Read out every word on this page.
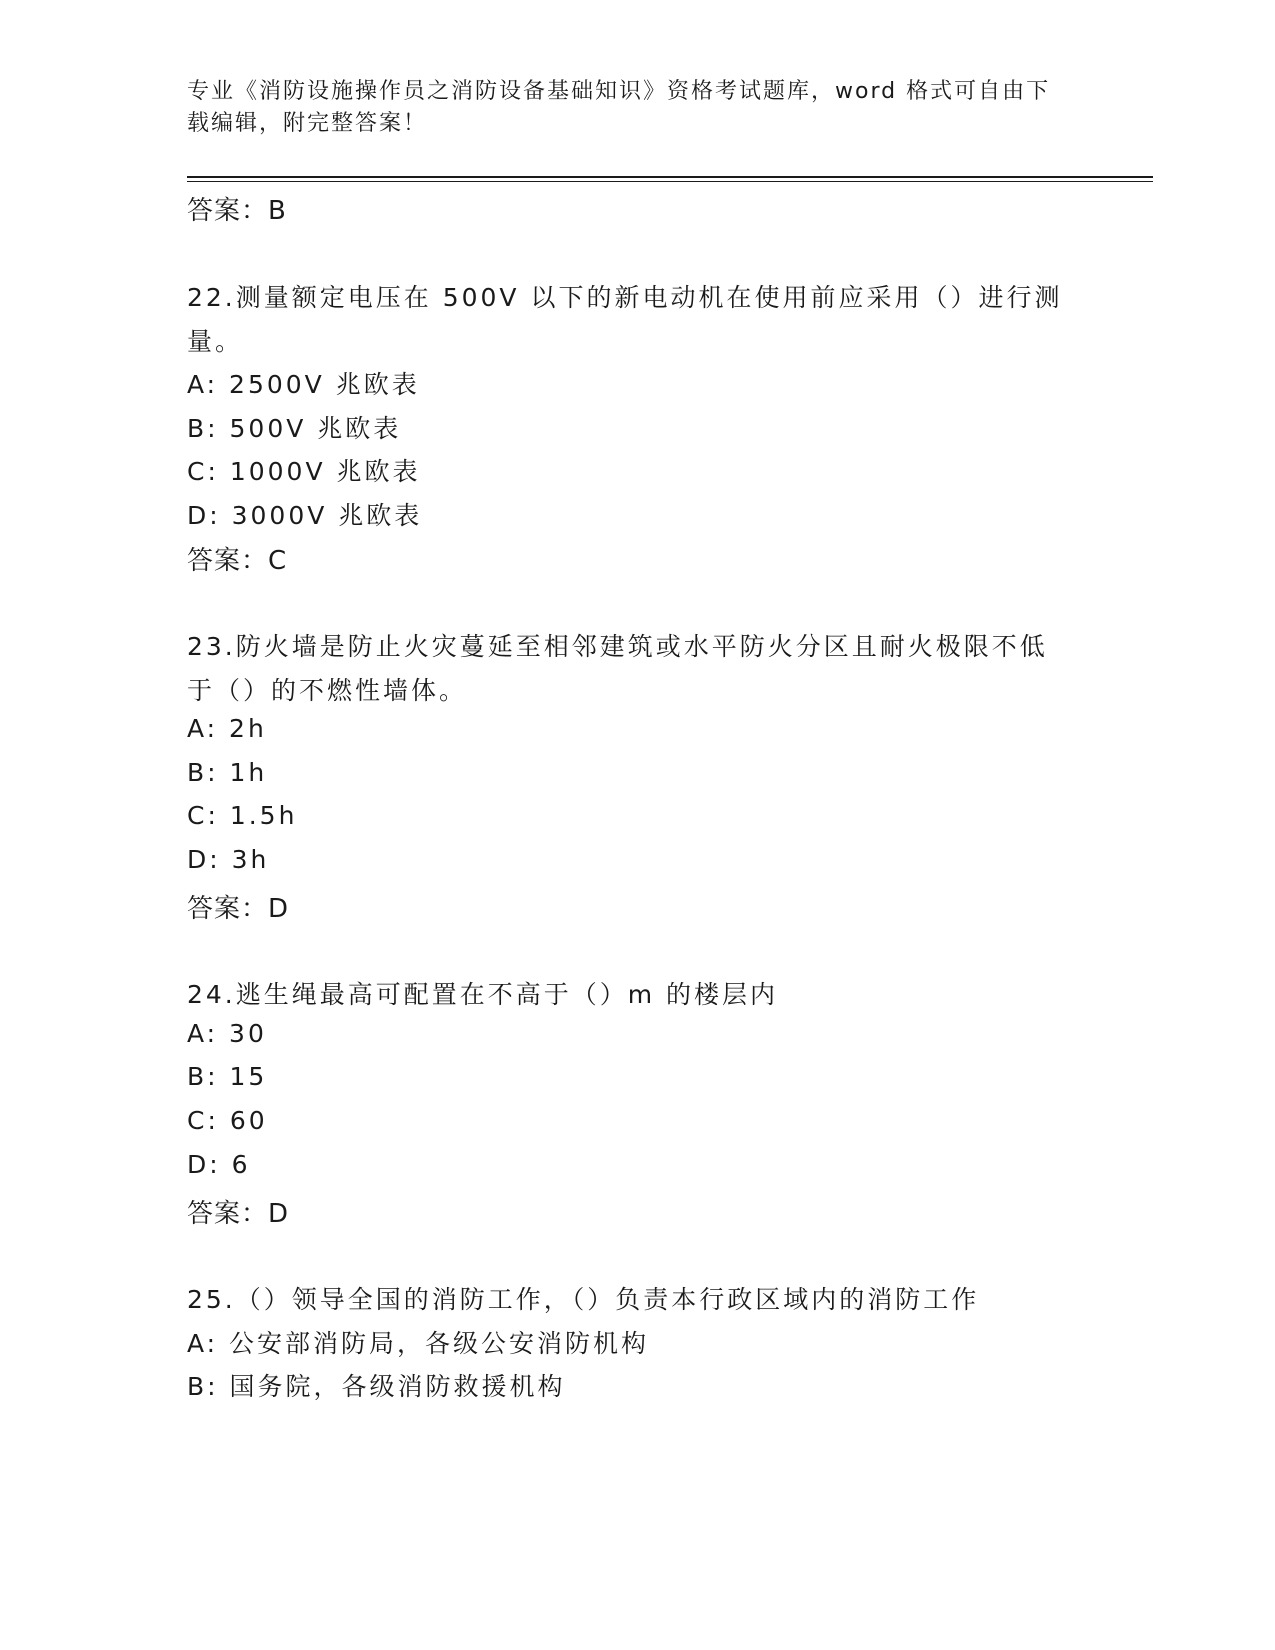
专业《消防设施操作员之消防设备基础知识》资格考试题库，word 格式可自由下
载编辑，附完整答案！
答案：B
22.测量额定电压在 500V 以下的新电动机在使用前应采用（）进行测
量。
A: 2500V 兆欧表
B: 500V 兆欧表
C: 1000V 兆欧表
D: 3000V 兆欧表
答案：C
23.防火墙是防止火灾蔓延至相邻建筑或水平防火分区且耐火极限不低
于（）的不燃性墙体。
A: 2h
B: 1h
C: 1.5h
D: 3h
答案：D
24.逃生绳最高可配置在不高于（）m 的楼层内
A: 30
B: 15
C: 60
D: 6
答案：D
25.（）领导全国的消防工作，（）负责本行政区域内的消防工作
A: 公安部消防局，各级公安消防机构
B: 国务院，各级消防救援机构
